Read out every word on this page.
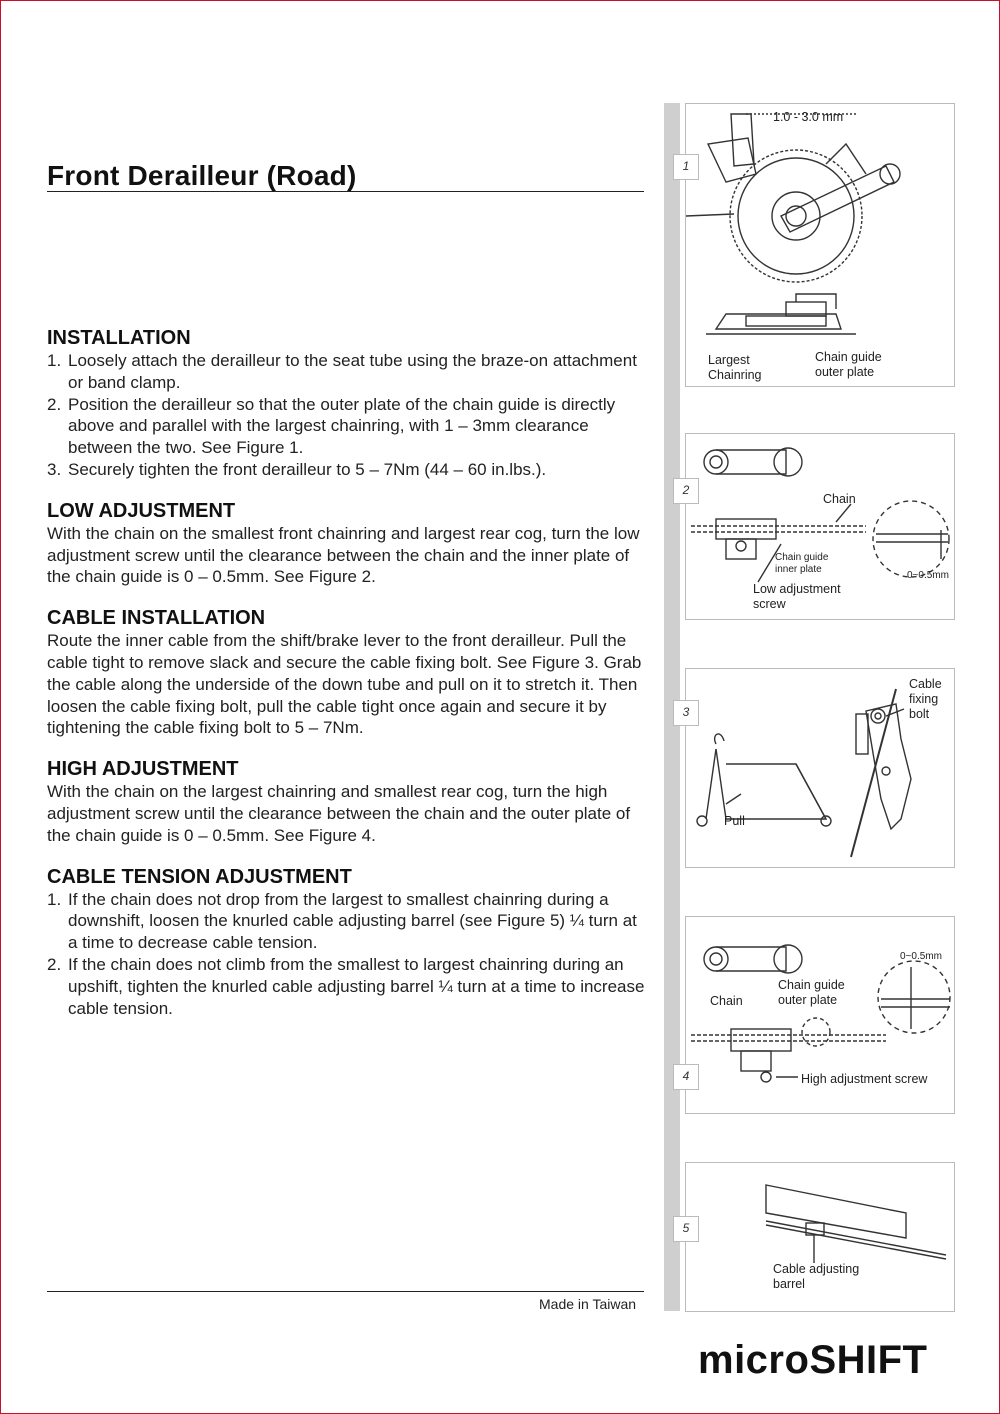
Front Derailleur (Road)
INSTALLATION
1. Loosely attach the derailleur to the seat tube using the braze-on attachment or band clamp.
2. Position the derailleur so that the outer plate of the chain guide is directly above and parallel with the largest chainring, with 1 – 3mm clearance between the two. See Figure 1.
3. Securely tighten the front derailleur to 5 – 7Nm (44 – 60 in.lbs.).
LOW ADJUSTMENT

With the chain on the smallest front chainring and largest rear cog, turn the low adjustment screw until the clearance between the chain and the inner plate of the chain guide is 0 – 0.5mm. See Figure 2.

CABLE INSTALLATION

Route the inner cable from the shift/brake lever to the front derailleur. Pull the cable tight to remove slack and secure the cable fixing bolt. See Figure 3. Grab the cable along the underside of the down tube and pull on it to stretch it. Then loosen the cable fixing bolt, pull the cable tight once again and secure it by tightening the cable fixing bolt to 5 – 7Nm.

HIGH ADJUSTMENT

With the chain on the largest chainring and smallest rear cog, turn the high adjustment screw until the clearance between the chain and the outer plate of the chain guide is 0 – 0.5mm. See Figure 4.

CABLE TENSION ADJUSTMENT
1. If the chain does not drop from the largest to smallest chainring during a downshift, loosen the knurled cable adjusting barrel (see Figure 5) ¼ turn at a time to decrease cable tension.
2. If the chain does not climb from the smallest to largest chainring during an upshift, tighten the knurled cable adjusting barrel ¼ turn at a time to increase cable tension.
Made in Taiwan
microSHIFT
1.0 - 3.0 mm
Largest
Chainring
Chain guide
outer plate
1
Chain
Chain guide
inner plate
Low adjustment
screw
0~0.5mm
2
Cable
fixing
bolt
Pull
3
0~0.5mm
Chain guide
outer plate
Chain
High adjustment screw
4
Cable adjusting
barrel
5
